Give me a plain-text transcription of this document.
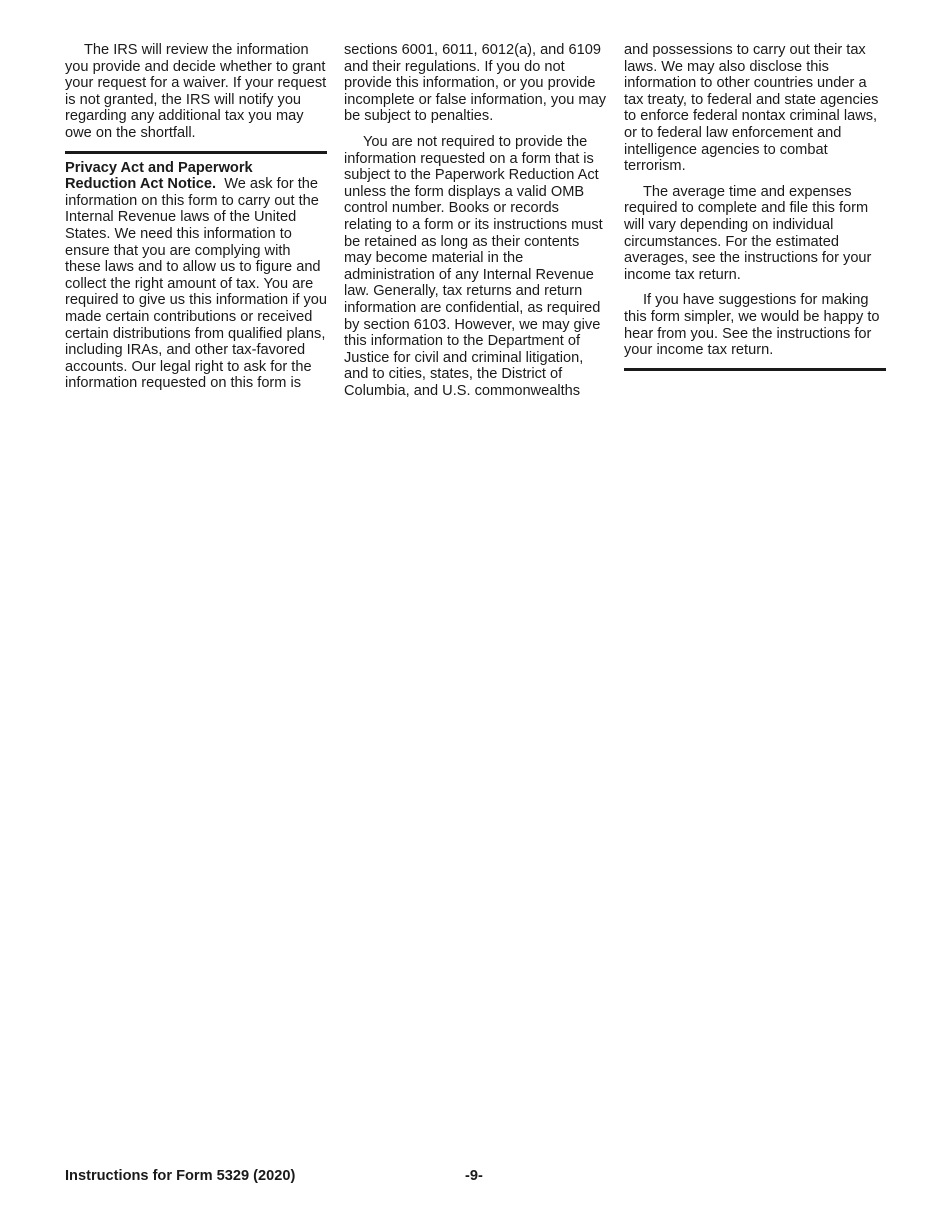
The IRS will review the information you provide and decide whether to grant your request for a waiver. If your request is not granted, the IRS will notify you regarding any additional tax you may owe on the shortfall.

Privacy Act and Paperwork Reduction Act Notice. We ask for the information on this form to carry out the Internal Revenue laws of the United States. We need this information to ensure that you are complying with these laws and to allow us to figure and collect the right amount of tax. You are required to give us this information if you made certain contributions or received certain distributions from qualified plans, including IRAs, and other tax-favored accounts. Our legal right to ask for the information requested on this form is

sections 6001, 6011, 6012(a), and 6109 and their regulations. If you do not provide this information, or you provide incomplete or false information, you may be subject to penalties.

You are not required to provide the information requested on a form that is subject to the Paperwork Reduction Act unless the form displays a valid OMB control number. Books or records relating to a form or its instructions must be retained as long as their contents may become material in the administration of any Internal Revenue law. Generally, tax returns and return information are confidential, as required by section 6103. However, we may give this information to the Department of Justice for civil and criminal litigation, and to cities, states, the District of Columbia, and U.S. commonwealths

and possessions to carry out their tax laws. We may also disclose this information to other countries under a tax treaty, to federal and state agencies to enforce federal nontax criminal laws, or to federal law enforcement and intelligence agencies to combat terrorism.

The average time and expenses required to complete and file this form will vary depending on individual circumstances. For the estimated averages, see the instructions for your income tax return.

If you have suggestions for making this form simpler, we would be happy to hear from you. See the instructions for your income tax return.

Instructions for Form 5329 (2020)	-9-
